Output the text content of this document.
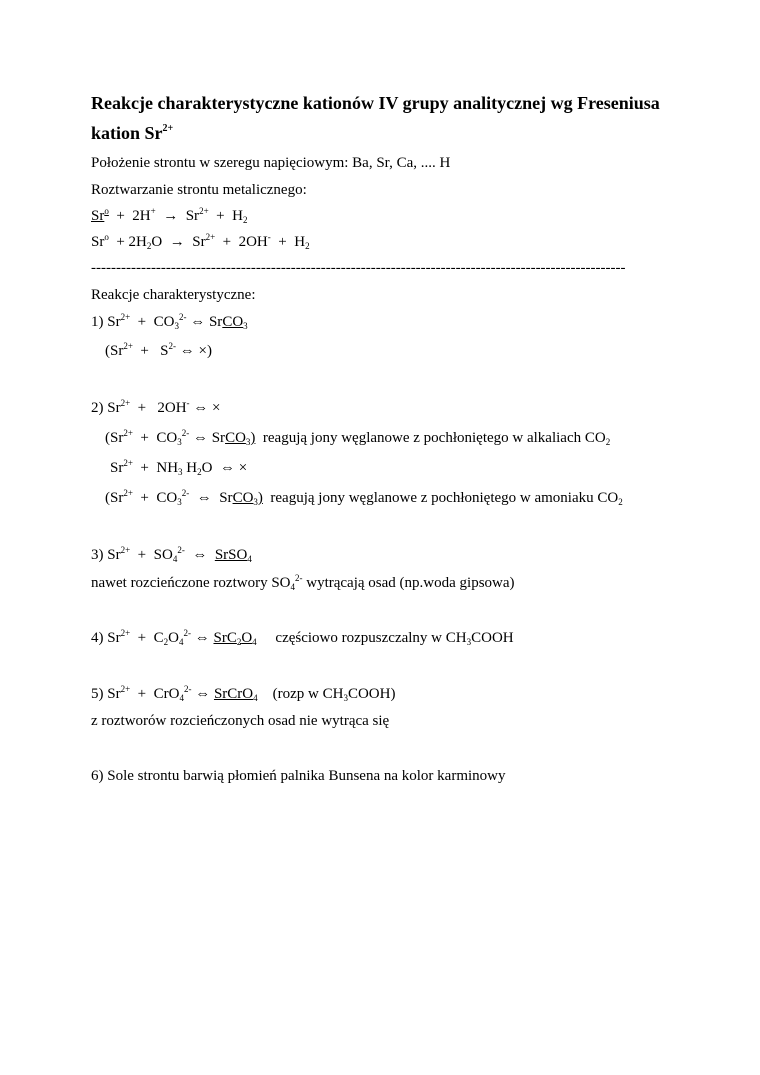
Reakcje charakterystyczne kationów IV grupy analitycznej wg Freseniusa
kation $Sr^{2+}$
Położenie strontu w szeregu napięciowym: Ba, Sr, Ca, .... H
Roztwarzanie strontu metalicznego:
$Sr^o + 2H^+ \to Sr^{2+} + H_2$
$Sr^o + 2H_2O \to Sr^{2+} + 2OH^- + H_2$
-----------------------------------------------------------------------------------------------------------
Reakcje charakterystyczne:
1) $Sr^{2+} + CO_3^{2-}$ ⇔ SrCO$_3$
($Sr^{2+} + S^{2-}$ ⇔ ×)
2) $Sr^{2+} + 2OH^-$ ⇔ ×
($Sr^{2+} + CO_3^{2-}$ ⇔ SrCO$_3$)  reagują jony węglanowe z pochłoniętego w alkaliach $CO_2$
$Sr^{2+} + NH_3$ $H_2O$  ⇔ ×
($Sr^{2+} + CO_3^{2-}$  ⇔  SrCO$_3$)  reagują jony węglanowe z pochłoniętego w amoniaku $CO_2$
3) $Sr^{2+} + SO_4^{2-}$  ⇔  SrSO$_4$
nawet rozcieńczone roztwory $SO_4^{2-}$ wytrącają osad (np.woda gipsowa)
4) $Sr^{2+} + C_2O_4^{2-}$ ⇔ $SrC_2O_4$     częściowo rozpuszczalny w $CH_3COOH$
5) $Sr^{2+} + CrO_4^{2-}$ ⇔ SrCrO$_4$    (rozp w $CH_3COOH$)
z roztworów rozcieńczonych osad nie wytrąca się
6) Sole strontu barwią płomień palnika Bunsena na kolor karminowy
